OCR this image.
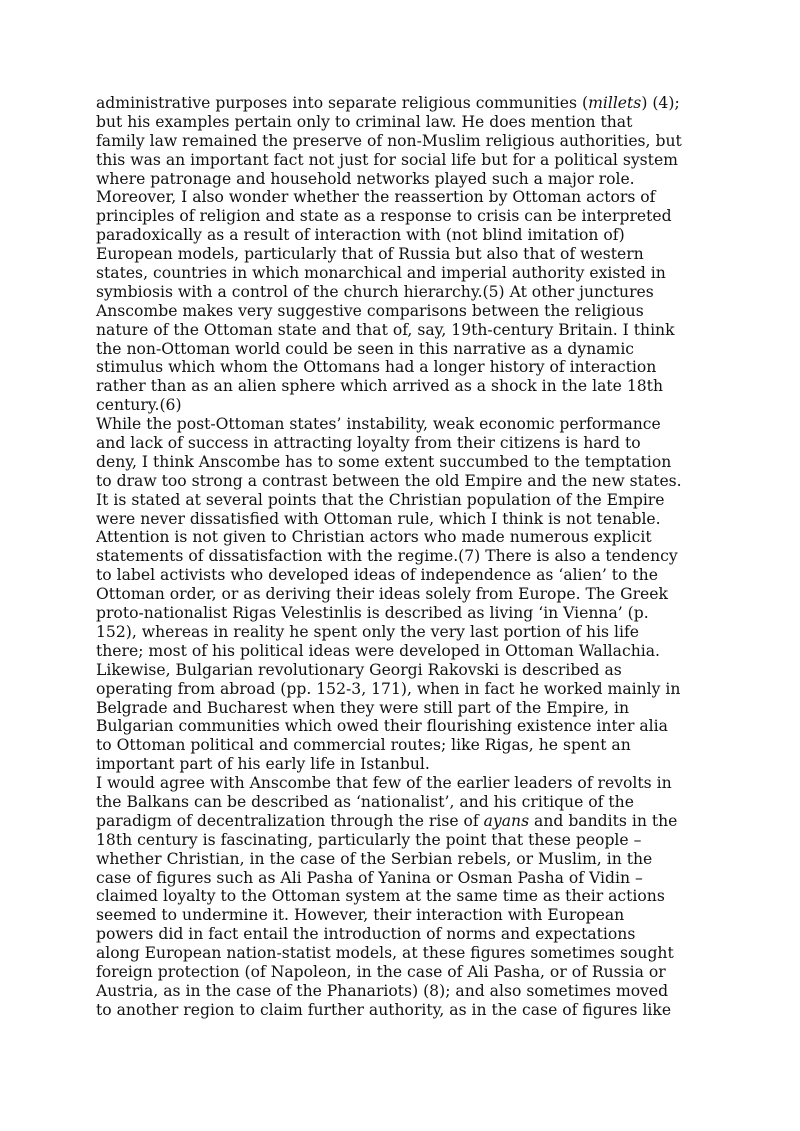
administrative purposes into separate religious communities (millets) (4);
but his examples pertain only to criminal law. He does mention that
family law remained the preserve of non-Muslim religious authorities, but
this was an important fact not just for social life but for a political system
where patronage and household networks played such a major role.
Moreover, I also wonder whether the reassertion by Ottoman actors of
principles of religion and state as a response to crisis can be interpreted
paradoxically as a result of interaction with (not blind imitation of)
European models, particularly that of Russia but also that of western
states, countries in which monarchical and imperial authority existed in
symbiosis with a control of the church hierarchy.(5) At other junctures
Anscombe makes very suggestive comparisons between the religious
nature of the Ottoman state and that of, say, 19th-century Britain. I think
the non-Ottoman world could be seen in this narrative as a dynamic
stimulus which whom the Ottomans had a longer history of interaction
rather than as an alien sphere which arrived as a shock in the late 18th
century.(6)
While the post-Ottoman states’ instability, weak economic performance
and lack of success in attracting loyalty from their citizens is hard to
deny, I think Anscombe has to some extent succumbed to the temptation
to draw too strong a contrast between the old Empire and the new states.
It is stated at several points that the Christian population of the Empire
were never dissatisfied with Ottoman rule, which I think is not tenable.
Attention is not given to Christian actors who made numerous explicit
statements of dissatisfaction with the regime.(7) There is also a tendency
to label activists who developed ideas of independence as ‘alien’ to the
Ottoman order, or as deriving their ideas solely from Europe. The Greek
proto-nationalist Rigas Velestinlis is described as living ‘in Vienna’ (p.
152), whereas in reality he spent only the very last portion of his life
there; most of his political ideas were developed in Ottoman Wallachia.
Likewise, Bulgarian revolutionary Georgi Rakovski is described as
operating from abroad (pp. 152-3, 171), when in fact he worked mainly in
Belgrade and Bucharest when they were still part of the Empire, in
Bulgarian communities which owed their flourishing existence inter alia
to Ottoman political and commercial routes; like Rigas, he spent an
important part of his early life in Istanbul.
I would agree with Anscombe that few of the earlier leaders of revolts in
the Balkans can be described as ‘nationalist’, and his critique of the
paradigm of decentralization through the rise of ayans and bandits in the
18th century is fascinating, particularly the point that these people –
whether Christian, in the case of the Serbian rebels, or Muslim, in the
case of figures such as Ali Pasha of Yanina or Osman Pasha of Vidin –
claimed loyalty to the Ottoman system at the same time as their actions
seemed to undermine it. However, their interaction with European
powers did in fact entail the introduction of norms and expectations
along European nation-statist models, at these figures sometimes sought
foreign protection (of Napoleon, in the case of Ali Pasha, or of Russia or
Austria, as in the case of the Phanariots) (8); and also sometimes moved
to another region to claim further authority, as in the case of figures like
